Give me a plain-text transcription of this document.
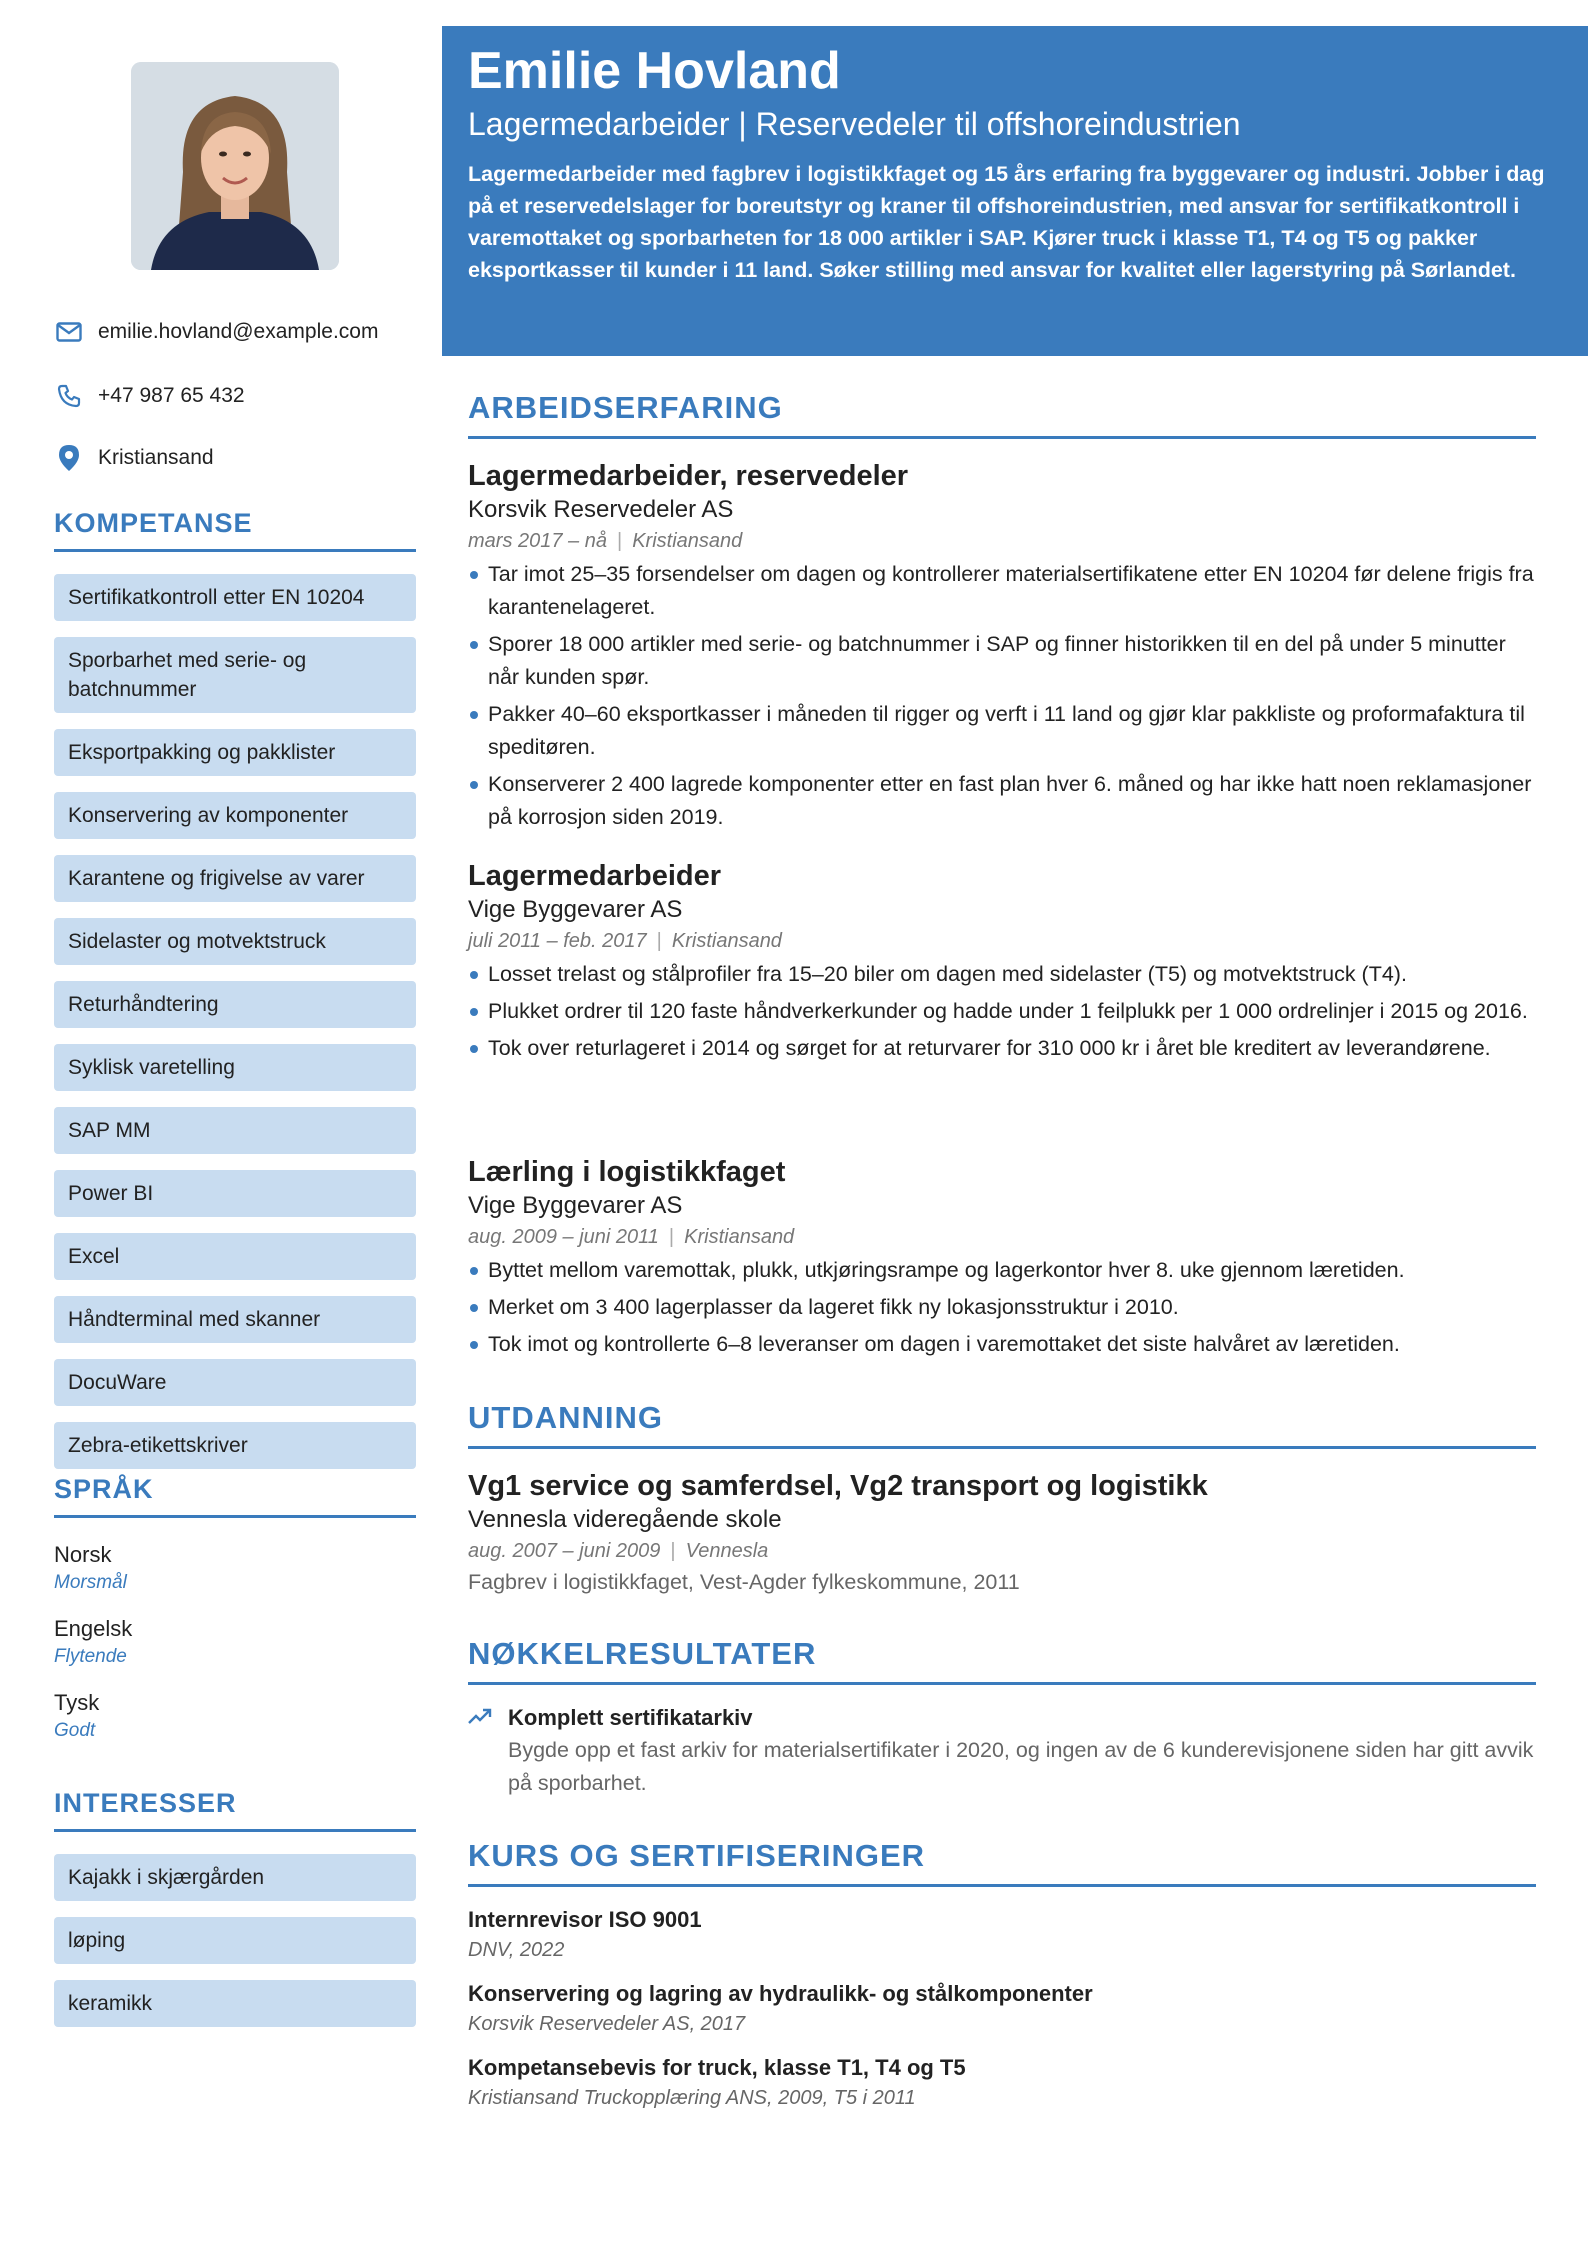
emilie.hovland@example.com
+47 987 65 432
Kristiansand
KOMPETANSE
Sertifikatkontroll etter EN 10204
Sporbarhet med serie- og batchnummer
Eksportpakking og pakklister
Konservering av komponenter
Karantene og frigivelse av varer
Sidelaster og motvektstruck
Returhåndtering
Syklisk varetelling
SAP MM
Power BI
Excel
Håndterminal med skanner
DocuWare
Zebra-etikettskriver
SPRÅK
Norsk
Morsmål
Engelsk
Flytende
Tysk
Godt
INTERESSER
Kajakk i skjærgården
løping
keramikk
Emilie Hovland
Lagermedarbeider | Reservedeler til offshoreindustrien
Lagermedarbeider med fagbrev i logistikkfaget og 15 års erfaring fra byggevarer og industri. Jobber i dag på et reservedelslager for boreutstyr og kraner til offshoreindustrien, med ansvar for sertifikatkontroll i varemottaket og sporbarheten for 18 000 artikler i SAP. Kjører truck i klasse T1, T4 og T5 og pakker eksportkasser til kunder i 11 land. Søker stilling med ansvar for kvalitet eller lagerstyring på Sørlandet.
ARBEIDSERFARING
Lagermedarbeider, reservedeler
Korsvik Reservedeler AS
mars 2017 – nå | Kristiansand
Tar imot 25–35 forsendelser om dagen og kontrollerer materialsertifikatene etter EN 10204 før delene frigis fra karantenelageret.
Sporer 18 000 artikler med serie- og batchnummer i SAP og finner historikken til en del på under 5 minutter når kunden spør.
Pakker 40–60 eksportkasser i måneden til rigger og verft i 11 land og gjør klar pakkliste og proformafaktura til speditøren.
Konserverer 2 400 lagrede komponenter etter en fast plan hver 6. måned og har ikke hatt noen reklamasjoner på korrosjon siden 2019.
Lagermedarbeider
Vige Byggevarer AS
juli 2011 – feb. 2017 | Kristiansand
Losset trelast og stålprofiler fra 15–20 biler om dagen med sidelaster (T5) og motvektstruck (T4).
Plukket ordrer til 120 faste håndverkerkunder og hadde under 1 feilplukk per 1 000 ordrelinjer i 2015 og 2016.
Tok over returlageret i 2014 og sørget for at returvarer for 310 000 kr i året ble kreditert av leverandørene.
Lærling i logistikkfaget
Vige Byggevarer AS
aug. 2009 – juni 2011 | Kristiansand
Byttet mellom varemottak, plukk, utkjøringsrampe og lagerkontor hver 8. uke gjennom læretiden.
Merket om 3 400 lagerplasser da lageret fikk ny lokasjonsstruktur i 2010.
Tok imot og kontrollerte 6–8 leveranser om dagen i varemottaket det siste halvåret av læretiden.
UTDANNING
Vg1 service og samferdsel, Vg2 transport og logistikk
Vennesla videregående skole
aug. 2007 – juni 2009 | Vennesla
Fagbrev i logistikkfaget, Vest-Agder fylkeskommune, 2011
NØKKELRESULTATER
Komplett sertifikatarkiv
Bygde opp et fast arkiv for materialsertifikater i 2020, og ingen av de 6 kunderevisjonene siden har gitt avvik på sporbarhet.
KURS OG SERTIFISERINGER
Internrevisor ISO 9001
DNV, 2022
Konservering og lagring av hydraulikk- og stålkomponenter
Korsvik Reservedeler AS, 2017
Kompetansebevis for truck, klasse T1, T4 og T5
Kristiansand Truckopplæring ANS, 2009, T5 i 2011
